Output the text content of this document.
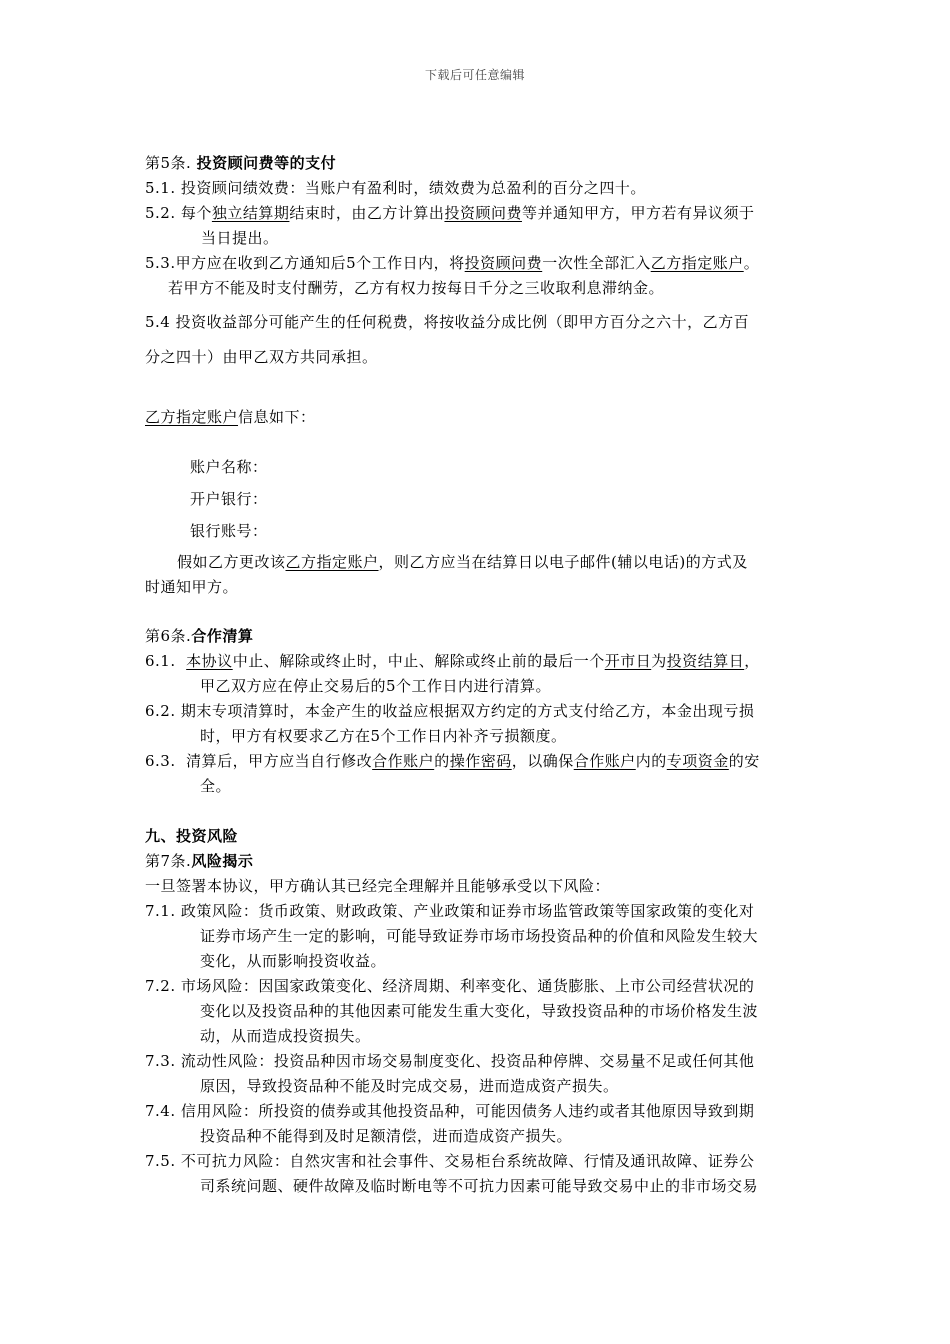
下载后可任意编辑
第5条. 投资顾问费等的支付
5.1. 投资顾问绩效费：当账户有盈利时，绩效费为总盈利的百分之四十。
5.2. 每个独立结算期结束时，由乙方计算出投资顾问费等并通知甲方，甲方若有异议须于
当日提出。
5.3.甲方应在收到乙方通知后5个工作日内，将投资顾问费一次性全部汇入乙方指定账户。
若甲方不能及时支付酬劳，乙方有权力按每日千分之三收取利息滞纳金。
5.4 投资收益部分可能产生的任何税费，将按收益分成比例（即甲方百分之六十，乙方百
分之四十）由甲乙双方共同承担。
乙方指定账户信息如下：
账户名称：
开户银行：
银行账号：
假如乙方更改该乙方指定账户，则乙方应当在结算日以电子邮件(辅以电话)的方式及
时通知甲方。
第6条.合作清算
6.1.  本协议中止、解除或终止时，中止、解除或终止前的最后一个开市日为投资结算日，
甲乙双方应在停止交易后的5个工作日内进行清算。
6.2. 期末专项清算时，本金产生的收益应根据双方约定的方式支付给乙方，本金出现亏损
时，甲方有权要求乙方在5个工作日内补齐亏损额度。
6.3.  清算后，甲方应当自行修改合作账户的操作密码，以确保合作账户内的专项资金的安
全。
九、投资风险
第7条.风险揭示
一旦签署本协议，甲方确认其已经完全理解并且能够承受以下风险：
7.1. 政策风险：货币政策、财政政策、产业政策和证券市场监管政策等国家政策的变化对
证券市场产生一定的影响，可能导致证券市场市场投资品种的价值和风险发生较大
变化，从而影响投资收益。
7.2. 市场风险：因国家政策变化、经济周期、利率变化、通货膨胀、上市公司经营状况的
变化以及投资品种的其他因素可能发生重大变化，导致投资品种的市场价格发生波
动，从而造成投资损失。
7.3. 流动性风险：投资品种因市场交易制度变化、投资品种停牌、交易量不足或任何其他
原因，导致投资品种不能及时完成交易，进而造成资产损失。
7.4. 信用风险：所投资的债券或其他投资品种，可能因债务人违约或者其他原因导致到期
投资品种不能得到及时足额清偿，进而造成资产损失。
7.5. 不可抗力风险：自然灾害和社会事件、交易柜台系统故障、行情及通讯故障、证券公
司系统问题、硬件故障及临时断电等不可抗力因素可能导致交易中止的非市场交易
